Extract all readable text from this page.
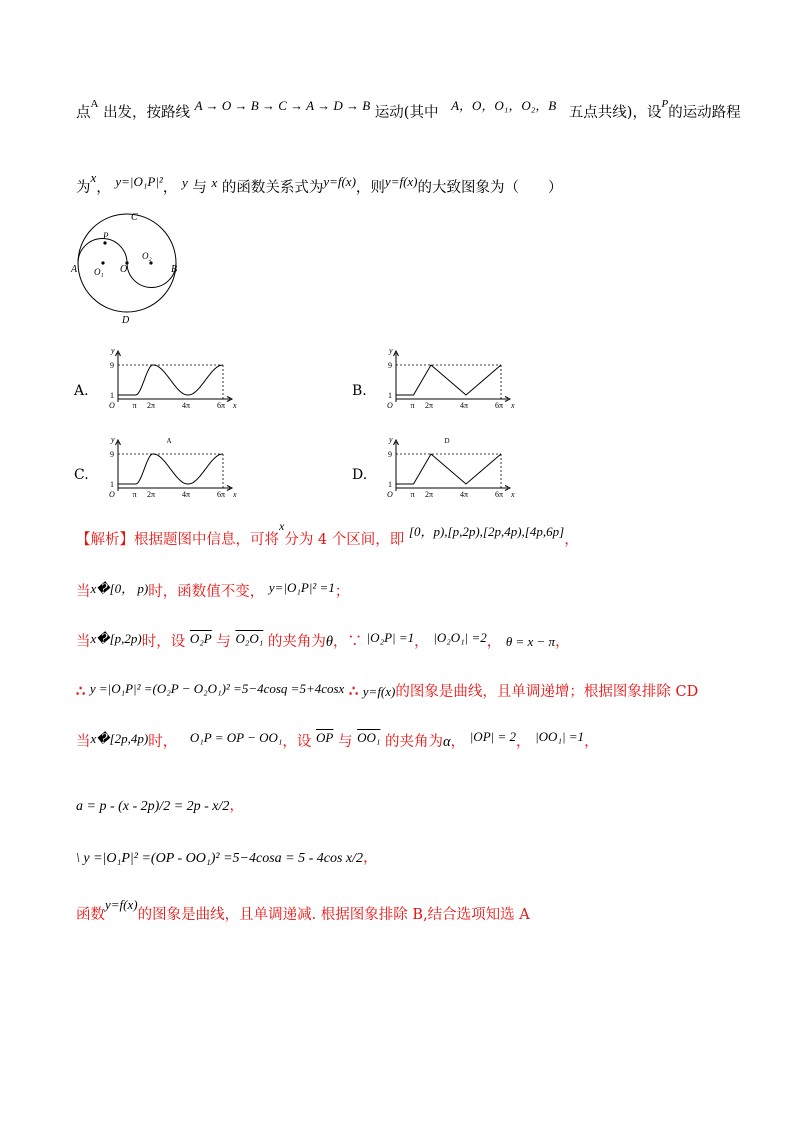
点$^A$ 出发，按路线 A → O → B → C → A → D → B 运动(其中 A，O，O₁，O₂，B 五点共线)，设$^P$的运动路程
为$^x$， y=|O₁P|²， y 与 x 的函数关系式为y=f(x)，则y=f(x)的大致图象为（　　）
A O₁ O
O₂
B
C
D
P
A.
y
x
O
9
1
π 2π	4π	6π
B.
y
x
O
9
1
π 2π	4π	6π
C.
y
x
O
9
1
π 2π	4π	6π
A
D.
y
x
O
9
1
π 2π	4π	6π
D
【解析】根据题图中信息，可将$^x$分为 4 个区间，即 [0，p),[p,2p),[2p,4p),[4p,6p]，
当x�[0， p)时，函数值不变， y=|O₁P|² =1；
当x�[p,2p)时，设 O₂P 与 O₂O₁ 的夹角为θ，∵ |O₂P| =1， |O₂O₁| =2， θ = x − π，
∴ y =|O₁P|² =(O₂P − O₂O₁)² =5−4cosq =5+4cosx ∴ y=f(x)的图象是曲线，且单调递增；根据图象排除 CD
当x�[2p,4p)时， O₁P = OP − OO₁，设 $\overline{OP}$ 与 OO₁ 的夹角为α， |OP| = 2， |OO₁| =1，
a = p - (x - 2p)/2 = 2p - x/2，
\ y =|O₁P|² =(OP - OO₁)² =5−4cosa = 5 - 4cos x/2，
函数y=f(x)的图象是曲线，且单调递减. 根据图象排除 B,结合选项知选 A
